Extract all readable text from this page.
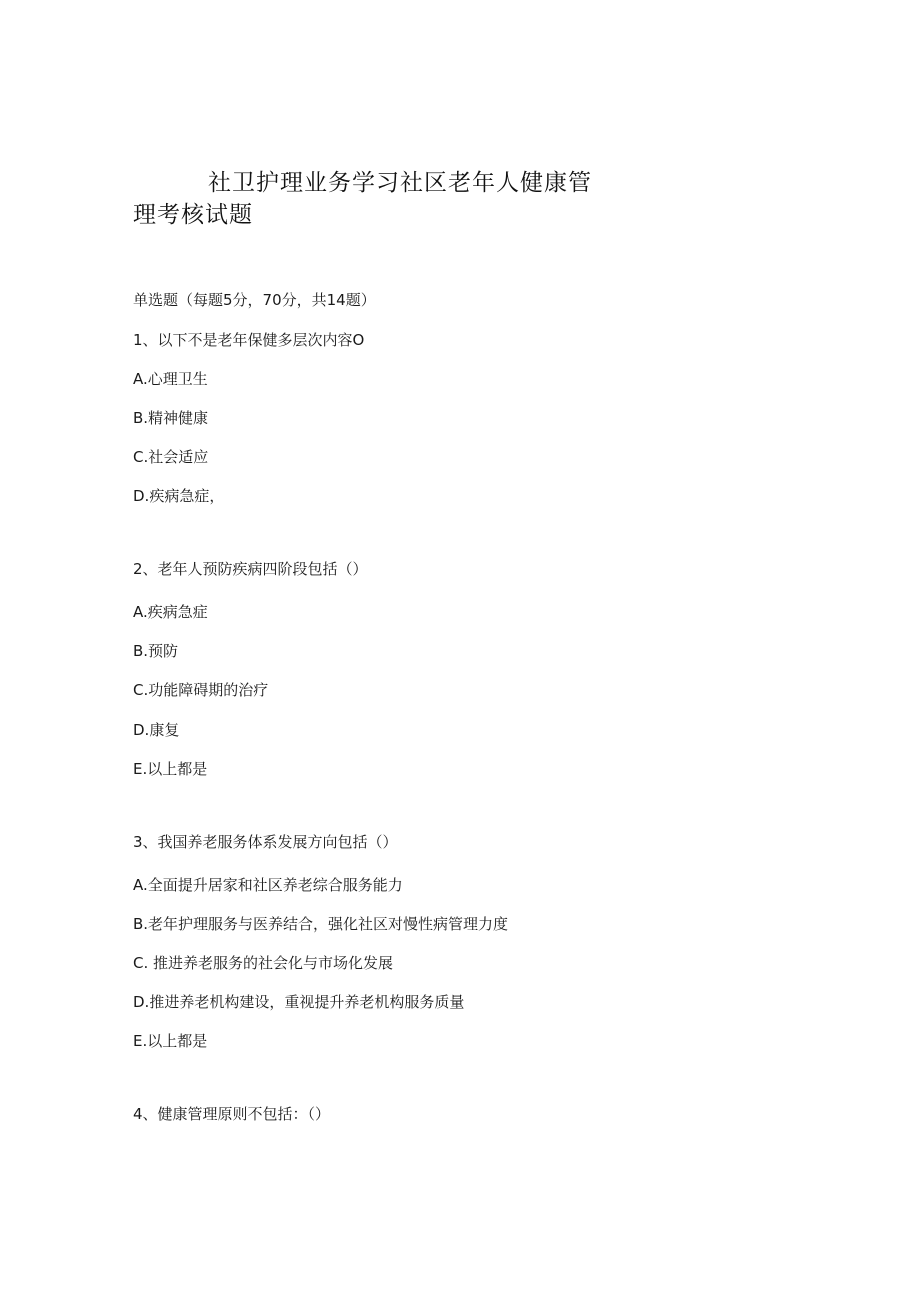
社卫护理业务学习社区老年人健康管
理考核试题
单选题（每题5分，70分，共14题）
1、以下不是老年保健多层次内容O
A.心理卫生
B.精神健康
C.社会适应
D.疾病急症，
2、老年人预防疾病四阶段包括（）
A.疾病急症
B.预防
C.功能障碍期的治疗
D.康复
E.以上都是
3、我国养老服务体系发展方向包括（）
A.全面提升居家和社区养老综合服务能力
B.老年护理服务与医养结合，强化社区对慢性病管理力度
C. 推进养老服务的社会化与市场化发展
D.推进养老机构建设，重视提升养老机构服务质量
E.以上都是
4、健康管理原则不包括：（）
